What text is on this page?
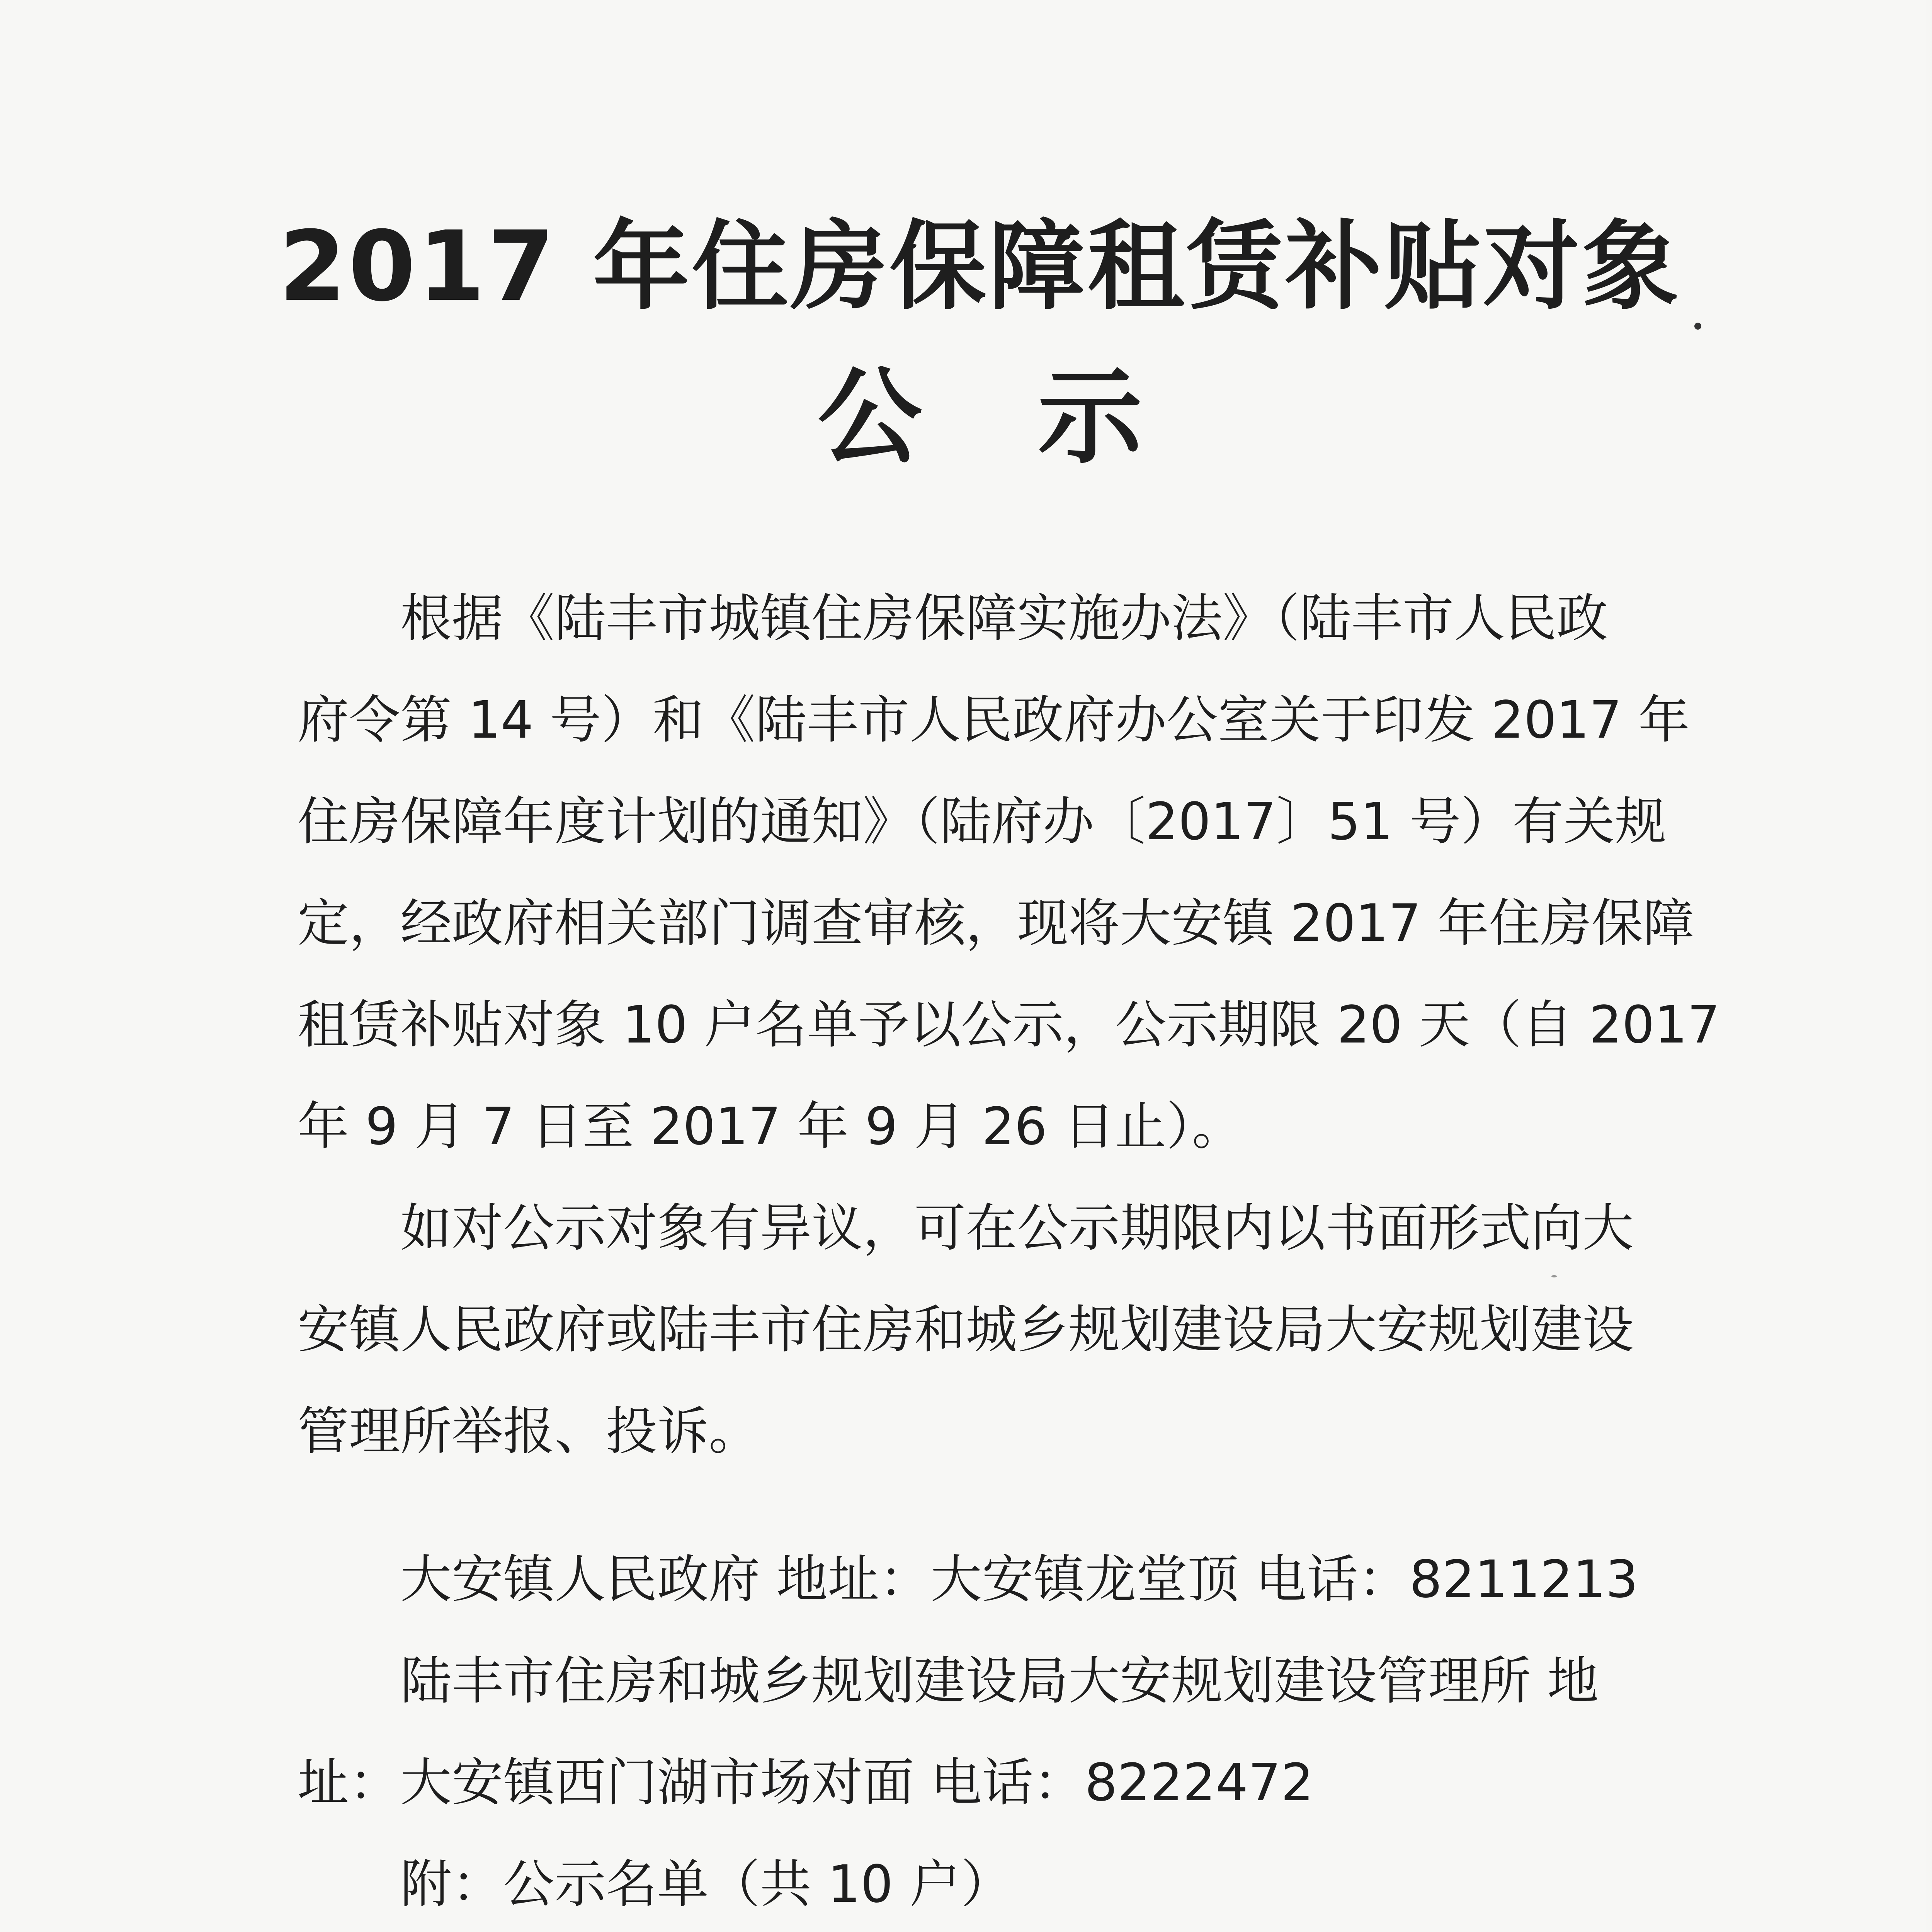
2017 年住房保障租赁补贴对象
公示

根据《陆丰市城镇住房保障实施办法》（陆丰市人民政

府令第 14 号）和《陆丰市人民政府办公室关于印发 2017 年

住房保障年度计划的通知》（陆府办〔2017〕51 号）有关规

定，经政府相关部门调查审核，现将大安镇 2017 年住房保障

租赁补贴对象 10 户名单予以公示，公示期限 20 天（自 2017

年 9 月 7 日至 2017 年 9 月 26 日止）。

如对公示对象有异议，可在公示期限内以书面形式向大

安镇人民政府或陆丰市住房和城乡规划建设局大安规划建设

管理所举报、投诉。

大安镇人民政府 地址：大安镇龙堂顶 电话：8211213

陆丰市住房和城乡规划建设局大安规划建设管理所 地

址：大安镇西门湖市场对面 电话：8222472

附：公示名单（共 10 户）
